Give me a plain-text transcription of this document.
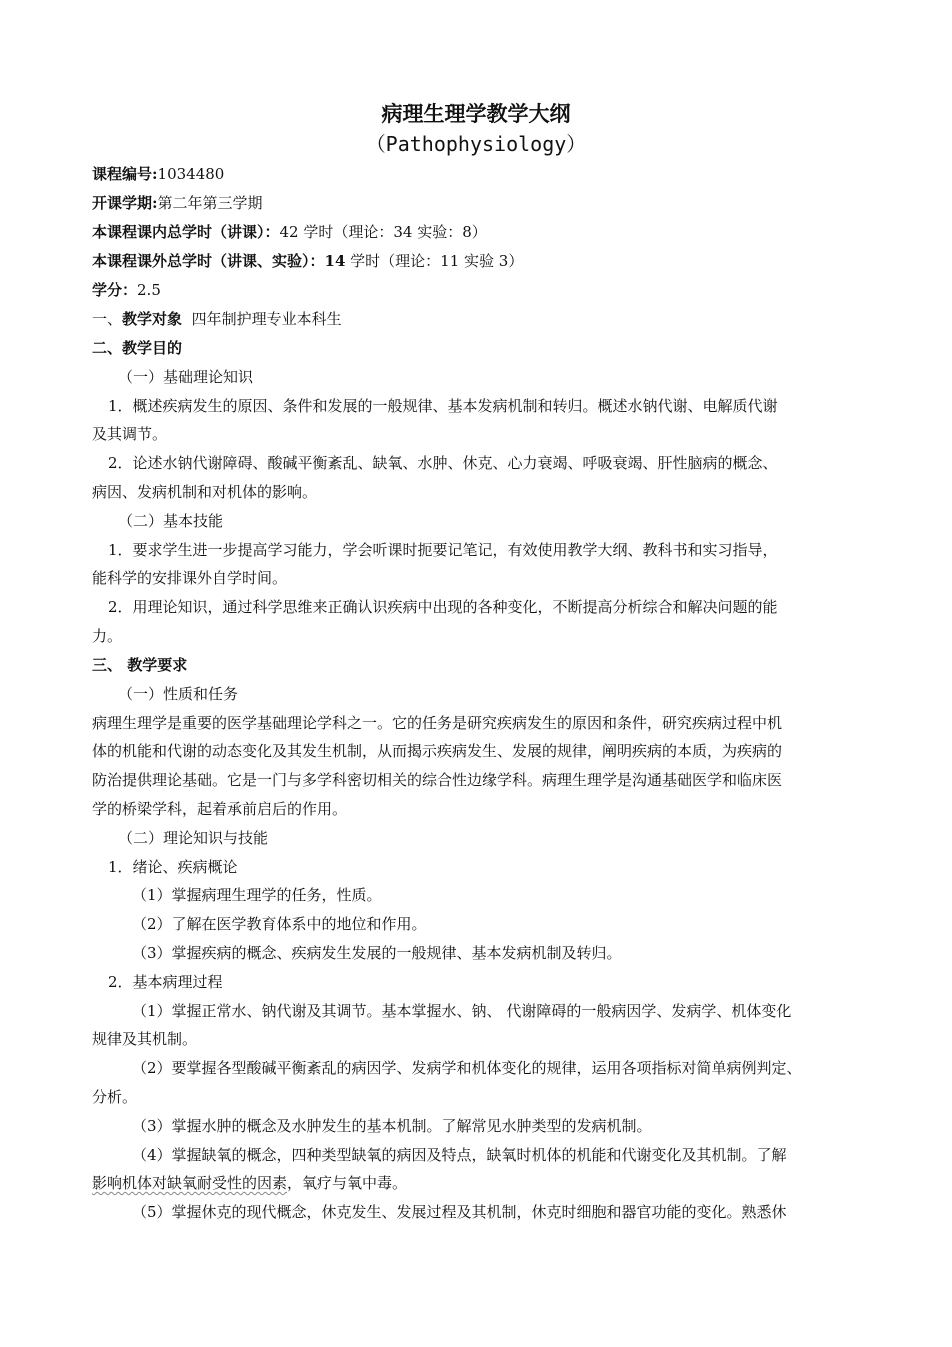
病理生理学教学大纲
（Pathophysiology）
课程编号:1034480
开课学期:第二年第三学期
本课程课内总学时（讲课）：42 学时（理论：34 实验：8）
本课程课外总学时（讲课、实验）：14 学时（理论：11 实验 3）
学分：2.5
一、教学对象  四年制护理专业本科生
二、教学目的
（一）基础理论知识
1．概述疾病发生的原因、条件和发展的一般规律、基本发病机制和转归。概述水钠代谢、电解质代谢
及其调节。
2．论述水钠代谢障碍、酸碱平衡紊乱、缺氧、水肿、休克、心力衰竭、呼吸衰竭、肝性脑病的概念、
病因、发病机制和对机体的影响。
（二）基本技能
1．要求学生进一步提高学习能力，学会听课时扼要记笔记，有效使用教学大纲、教科书和实习指导，
能科学的安排课外自学时间。
2．用理论知识，通过科学思维来正确认识疾病中出现的各种变化，不断提高分析综合和解决问题的能
力。
三、 教学要求
（一）性质和任务
病理生理学是重要的医学基础理论学科之一。它的任务是研究疾病发生的原因和条件，研究疾病过程中机
体的机能和代谢的动态变化及其发生机制，从而揭示疾病发生、发展的规律，阐明疾病的本质，为疾病的
防治提供理论基础。它是一门与多学科密切相关的综合性边缘学科。病理生理学是沟通基础医学和临床医
学的桥梁学科，起着承前启后的作用。
（二）理论知识与技能
1．绪论、疾病概论
（1）掌握病理生理学的任务，性质。
（2）了解在医学教育体系中的地位和作用。
（3）掌握疾病的概念、疾病发生发展的一般规律、基本发病机制及转归。
2．基本病理过程
（1）掌握正常水、钠代谢及其调节。基本掌握水、钠、 代谢障碍的一般病因学、发病学、机体变化
规律及其机制。
（2）要掌握各型酸碱平衡紊乱的病因学、发病学和机体变化的规律，运用各项指标对简单病例判定、
分析。
（3）掌握水肿的概念及水肿发生的基本机制。了解常见水肿类型的发病机制。
（4）掌握缺氧的概念，四种类型缺氧的病因及特点，缺氧时机体的机能和代谢变化及其机制。了解
影响机体对缺氧耐受性的因素，氧疗与氧中毒。
（5）掌握休克的现代概念，休克发生、发展过程及其机制，休克时细胞和器官功能的变化。熟悉休
